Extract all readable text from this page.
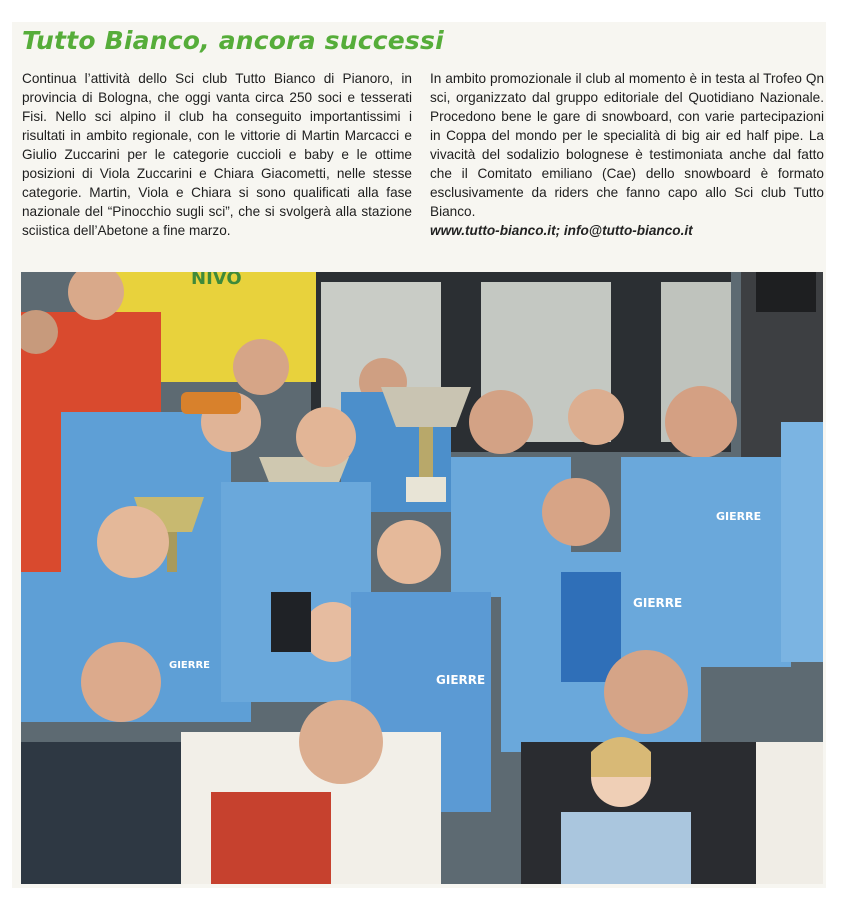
Tutto Bianco, ancora successi

Continua l’attività dello Sci club Tutto Bianco di Pianoro, in provincia di Bologna, che oggi vanta circa 250 soci e tesserati Fisi. Nello sci alpino il club ha conseguito importantissimi i risultati in ambito regionale, con le vittorie di Martin Marcacci e Giulio Zuccarini per le categorie cuccioli e baby e le ottime posizioni di Viola Zuccarini e Chiara Giacometti, nelle stesse categorie. Martin, Viola e Chiara si sono qualificati alla fase nazionale del “Pinocchio sugli sci”, che si svolgerà alla stazione sciistica dell’Abetone a fine marzo.

In ambito promozionale il club al momento è in testa al Trofeo Qn sci, organizzato dal gruppo editoriale del Quotidiano Nazionale. Procedono bene le gare di snowboard, con varie partecipazioni in Coppa del mondo per le specialità di big air ed half pipe. La vivacità del sodalizio bolognese è testimoniata anche dal fatto che il Comitato emiliano (Cae) dello snowboard è formato esclusivamente da riders che fanno capo allo Sci club Tutto Bianco.

www.tutto-bianco.it; info@tutto-bianco.it

NIVO
GIERRE
GIERRE
GIERRE
GIERRE
